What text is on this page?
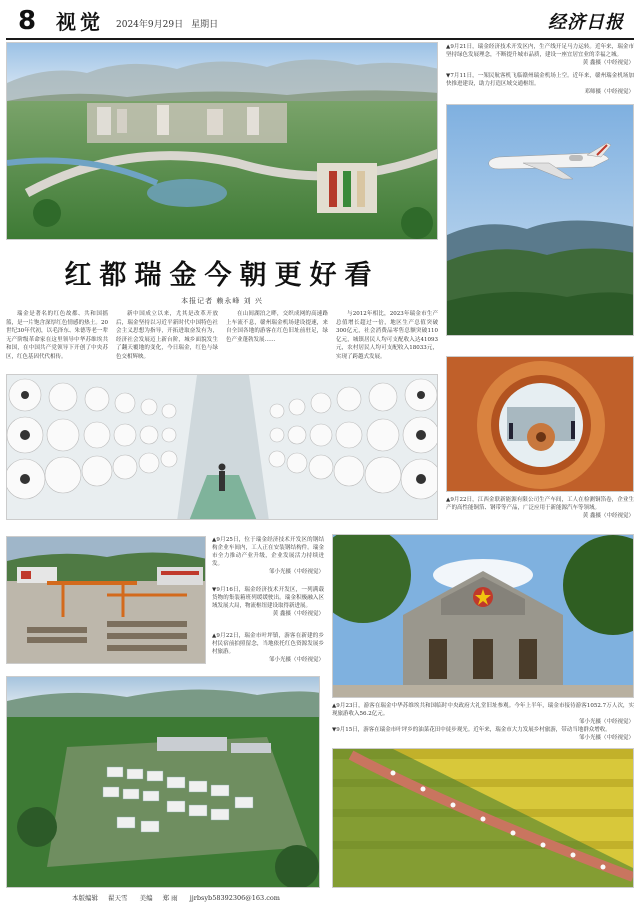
8 视觉 2024年9月29日 星期日	经济日报
红都瑞金今朝更好看
本报记者 赖永峰 刘 兴

瑞金是著名的红色故都、共和国摇篮，是一片饱含深厚红色情感的热土。20世纪30年代初，以毛泽东、朱德等老一辈无产阶级革命家在这里领导中华苏维埃共和国，在中国共产党领导下开创了中央苏区，红色基因代代相传。

新中国成立以来，尤其是改革开放后，瑞金坚持以习近平新时代中国特色社会主义思想为指导，开拓进取奋发有为，经济社会发展迈上新台阶，城乡面貌发生了翻天覆地的变化，今日瑞金，红色与绿色交相辉映。

在山间湖泊之畔，交织成网的高速路上车流不息，赣州瑞金机场建设提速，来自全国各地的游客在红色旧址前驻足，绿色产业蓬勃发展……

与2012年相比，2023年瑞金市生产总值增长超过一倍，地区生产总值突破300亿元，社会消费品零售总额突破110亿元，城镇居民人均可支配收入达41093元，农村居民人均可支配收入18033元，实现了跨越式发展。

▲9月21日，瑞金经济技术开发区内，生产线开足马力运转。近年来，瑞金市坚持绿色发展理念，不断提升城市品质，建设一座宜居宜业的幸福之城。
黄 鑫摄（中经视觉）
▼7月11日，一架民航客机飞临赣州瑞金机场上空。近年来，赣州瑞金机场加快推进建设，助力打造区域交通枢纽。
邓师摄（中经视觉）
▲9月22日，江西金联新能源有限公司生产车间，工人在检测铜箔卷，企业生产的高性能铜箔、钢带等产品，广泛应用于新能源汽车等领域。
黄 鑫摄（中经视觉）
▲9月25日，位于瑞金经济技术开发区的钢结构企业车间内，工人正在安装钢结构件。瑞金市全力推动产业升级，企业发展活力持续迸发。
邹小光摄（中经视觉）
▼9月16日，瑞金经济技术开发区，一列满载货物的集装箱班列缓缓驶出。瑞金积极融入区域发展大局，物流枢纽建设取得新进展。
黄 鑫摄（中经视觉）
▲9月22日，瑞金市叶坪镇，游客在新建的乡村民宿前拍照留念，当地依托红色资源发展乡村旅游。
邹小光摄（中经视觉）
▲9月23日，游客在瑞金中华苏维埃共和国临时中央政府大礼堂旧址参观。今年上半年，瑞金市接待游客1052.7万人次，实现旅游收入56.2亿元。
邹小光摄（中经视觉）
▼9月15日，游客在瑞金市叶坪乡的油菜花田中徒步观光。近年来，瑞金市大力发展乡村旅游，带动当地群众增收。
邹小光摄（中经视觉）
本版编辑 翟天雪 美编 郑 雨 jjrbsyb58392306@163.com
